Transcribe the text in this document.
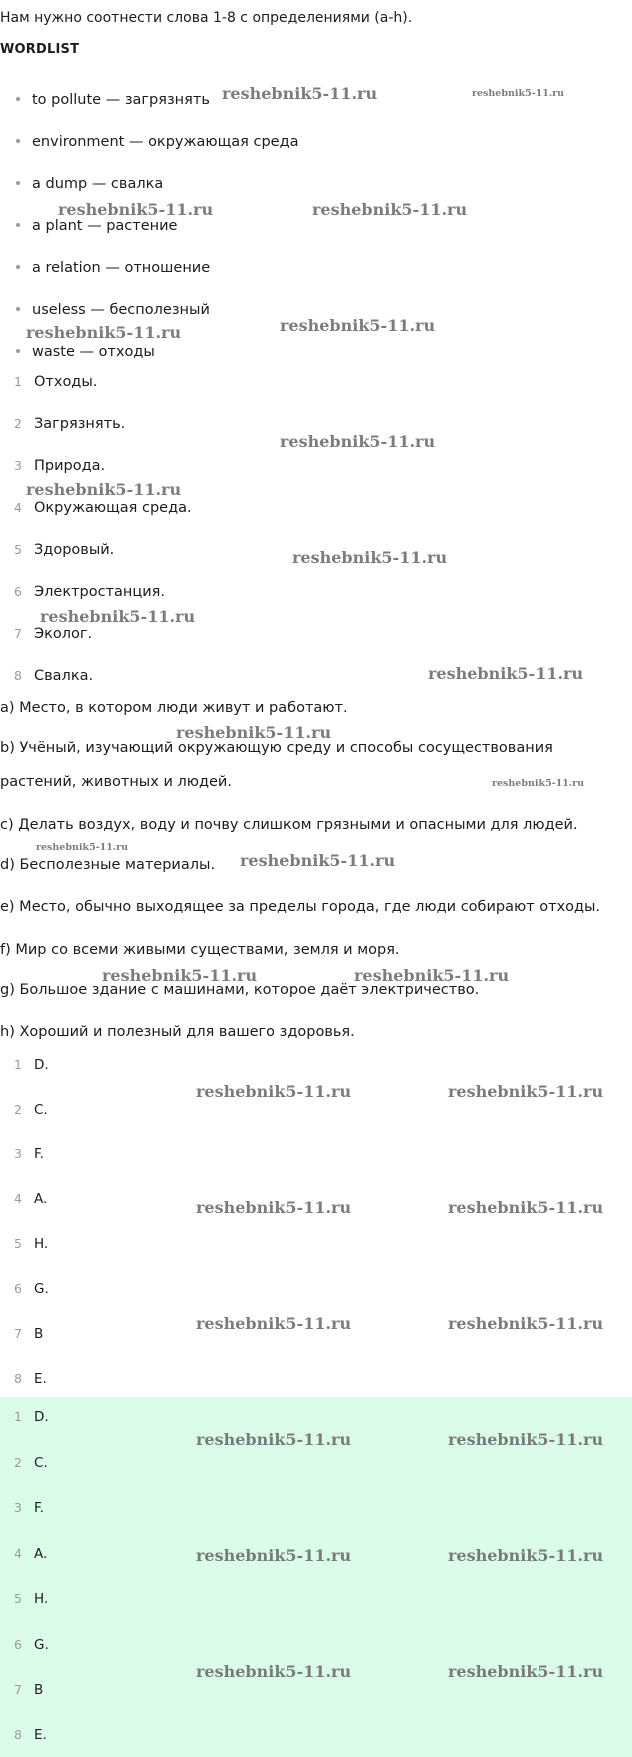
Нам нужно соотнести слова 1-8 с определениями (a-h).
WORDLIST
to pollute — загрязнять
environment — окружающая среда
a dump — свалка
a plant — растение
a relation — отношение
useless — бесполезный
waste — отходы
1 Отходы.
2 Загрязнять.
3 Природа.
4 Окружающая среда.
5 Здоровый.
6 Электростанция.
7 Эколог.
8 Свалка.
a) Место, в котором люди живут и работают.
b) Учёный, изучающий окружающую среду и способы сосуществования
растений, животных и людей.
c) Делать воздух, воду и почву слишком грязными и опасными для людей.
d) Бесполезные материалы.
e) Место, обычно выходящее за пределы города, где люди собирают отходы.
f) Мир со всеми живыми существами, земля и моря.
g) Большое здание с машинами, которое даёт электричество.
h) Хороший и полезный для вашего здоровья.
1 D.
2 C.
3 F.
4 A.
5 H.
6 G.
7 B
8 E.
1 D.
2 C.
3 F.
4 A.
5 H.
6 G.
7 B
8 E.
reshebnik5-11.ru	reshebnik5-11.ru
reshebnik5-11.ru	reshebnik5-11.ru
reshebnik5-11.ru
reshebnik5-11.ru
reshebnik5-11.ru
reshebnik5-11.ru
reshebnik5-11.ru
reshebnik5-11.ru
reshebnik5-11.ru
reshebnik5-11.ru
reshebnik5-11.ru
reshebnik5-11.ru
reshebnik5-11.ru
reshebnik5-11.ru	reshebnik5-11.ru
reshebnik5-11.ru	reshebnik5-11.ru
reshebnik5-11.ru	reshebnik5-11.ru
reshebnik5-11.ru	reshebnik5-11.ru
reshebnik5-11.ru	reshebnik5-11.ru
reshebnik5-11.ru	reshebnik5-11.ru
reshebnik5-11.ru	reshebnik5-11.ru
